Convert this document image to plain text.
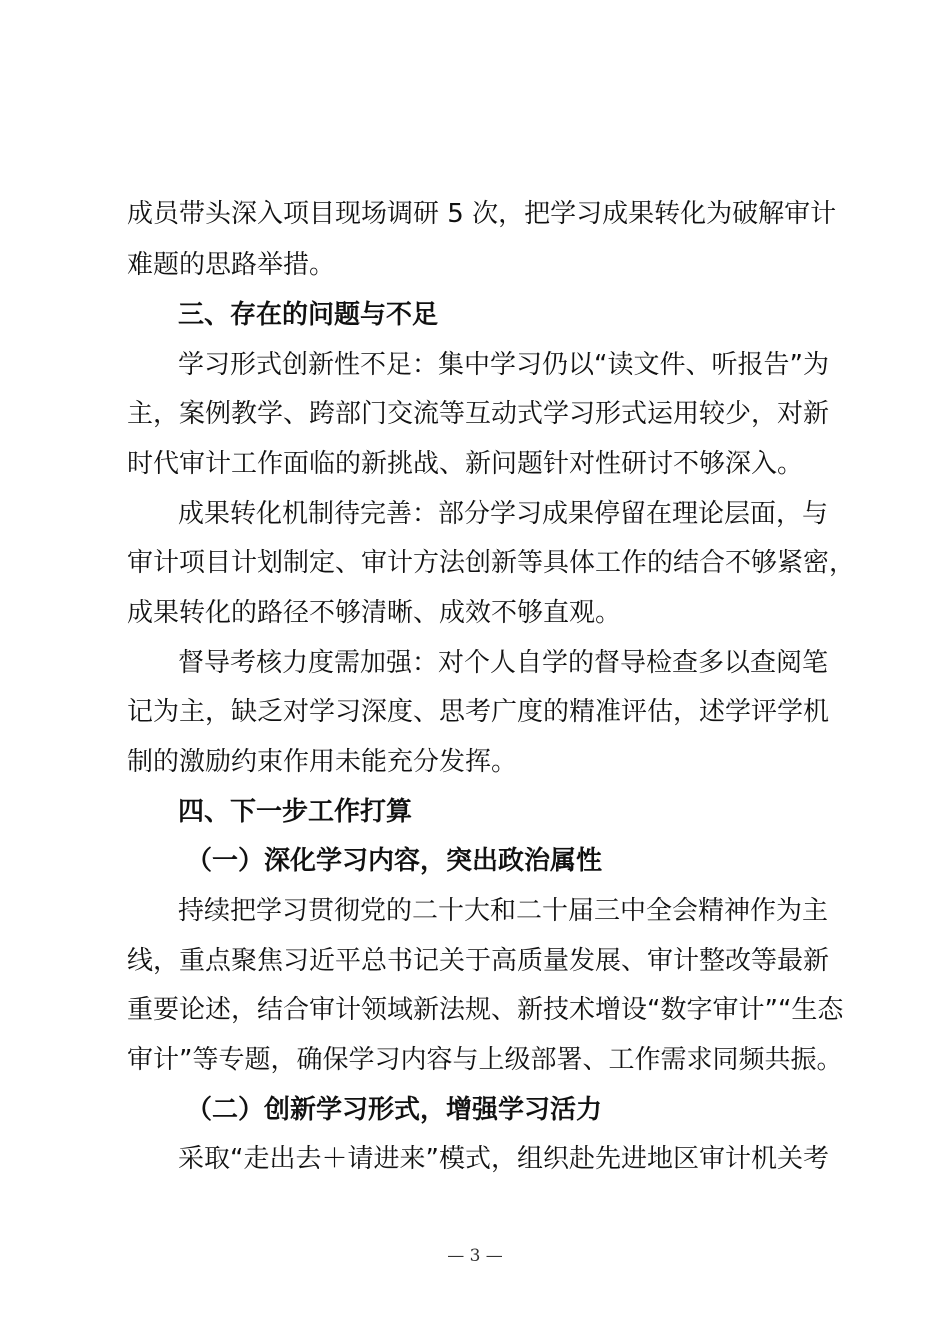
成员带头深入项目现场调研 5 次，把学习成果转化为破解审计
难题的思路举措。
三、存在的问题与不足
学习形式创新性不足：集中学习仍以“读文件、听报告”为
主，案例教学、跨部门交流等互动式学习形式运用较少，对新
时代审计工作面临的新挑战、新问题针对性研讨不够深入。
成果转化机制待完善：部分学习成果停留在理论层面，与
审计项目计划制定、审计方法创新等具体工作的结合不够紧密，
成果转化的路径不够清晰、成效不够直观。
督导考核力度需加强：对个人自学的督导检查多以查阅笔
记为主，缺乏对学习深度、思考广度的精准评估，述学评学机
制的激励约束作用未能充分发挥。
四、下一步工作打算
（一）深化学习内容，突出政治属性
持续把学习贯彻党的二十大和二十届三中全会精神作为主
线，重点聚焦习近平总书记关于高质量发展、审计整改等最新
重要论述，结合审计领域新法规、新技术增设“数字审计”“生态
审计”等专题，确保学习内容与上级部署、工作需求同频共振。
（二）创新学习形式，增强学习活力
采取“走出去＋请进来”模式，组织赴先进地区审计机关考
— 3 —
